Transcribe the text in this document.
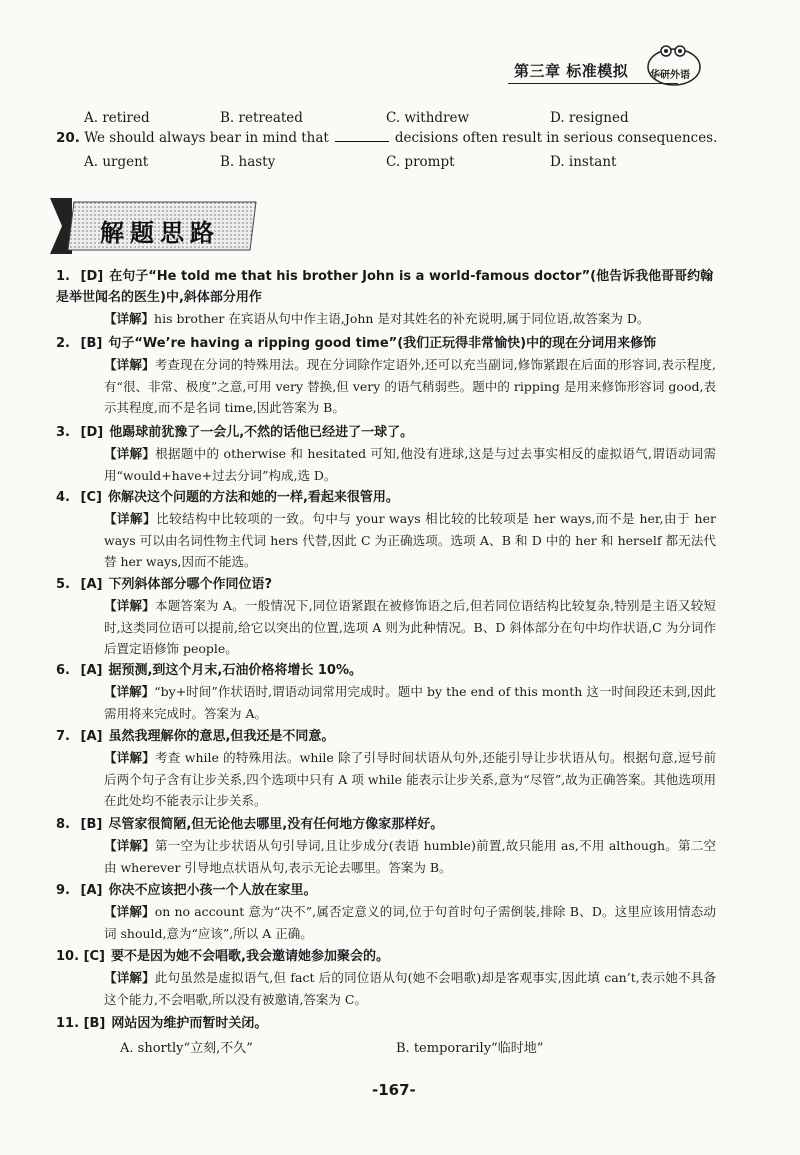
第三章 标准模拟 华研外语
A. retired	B. retreated	C. withdrew	D. resigned
20. We should always bear in mind that	decisions often result in serious consequences.
A. urgent	B. hasty	C. prompt	D. instant
解题思路
1. [D] 在句子“He told me that his brother John is a world-famous doctor”(他告诉我他哥哥约翰是举世闻名的医生)中,斜体部分用作
【详解】his brother 在宾语从句中作主语,John 是对其姓名的补充说明,属于同位语,故答案为 D。
2. [B] 句子“We’re having a ripping good time”(我们正玩得非常愉快)中的现在分词用来修饰
【详解】考查现在分词的特殊用法。现在分词除作定语外,还可以充当副词,修饰紧跟在后面的形容词,表示程度,有“很、非常、极度”之意,可用 very 替换,但 very 的语气稍弱些。题中的 ripping 是用来修饰形容词 good,表示其程度,而不是名词 time,因此答案为 B。
3. [D] 他踢球前犹豫了一会儿,不然的话他已经进了一球了。
【详解】根据题中的 otherwise 和 hesitated 可知,他没有进球,这是与过去事实相反的虚拟语气,谓语动词需用“would+have+过去分词”构成,选 D。
4. [C] 你解决这个问题的方法和她的一样,看起来很管用。
【详解】比较结构中比较项的一致。句中与 your ways 相比较的比较项是 her ways,而不是 her,由于 her ways 可以由名词性物主代词 hers 代替,因此 C 为正确选项。选项 A、B 和 D 中的 her 和 herself 都无法代替 her ways,因而不能选。
5. [A] 下列斜体部分哪个作同位语?
【详解】本题答案为 A。一般情况下,同位语紧跟在被修饰语之后,但若同位语结构比较复杂,特别是主语又较短时,这类同位语可以提前,给它以突出的位置,选项 A 则为此种情况。B、D 斜体部分在句中均作状语,C 为分词作后置定语修饰 people。
6. [A] 据预测,到这个月末,石油价格将增长 10%。
【详解】“by+时间”作状语时,谓语动词常用完成时。题中 by the end of this month 这一时间段还未到,因此需用将来完成时。答案为 A。
7. [A] 虽然我理解你的意思,但我还是不同意。
【详解】考查 while 的特殊用法。while 除了引导时间状语从句外,还能引导让步状语从句。根据句意,逗号前后两个句子含有让步关系,四个选项中只有 A 项 while 能表示让步关系,意为“尽管”,故为正确答案。其他选项用在此处均不能表示让步关系。
8. [B] 尽管家很简陋,但无论他去哪里,没有任何地方像家那样好。
【详解】第一空为让步状语从句引导词,且让步成分(表语 humble)前置,故只能用 as,不用 although。第二空由 wherever 引导地点状语从句,表示无论去哪里。答案为 B。
9. [A] 你决不应该把小孩一个人放在家里。
【详解】on no account 意为“决不”,属否定意义的词,位于句首时句子需倒装,排除 B、D。这里应该用情态动词 should,意为“应该”,所以 A 正确。
10. [C] 要不是因为她不会唱歌,我会邀请她参加聚会的。
【详解】此句虽然是虚拟语气,但 fact 后的同位语从句(她不会唱歌)却是客观事实,因此填 can’t,表示她不具备这个能力,不会唱歌,所以没有被邀请,答案为 C。
11. [B] 网站因为维护而暂时关闭。
A. shortly“立刻,不久”	B. temporarily“临时地”
-167-
